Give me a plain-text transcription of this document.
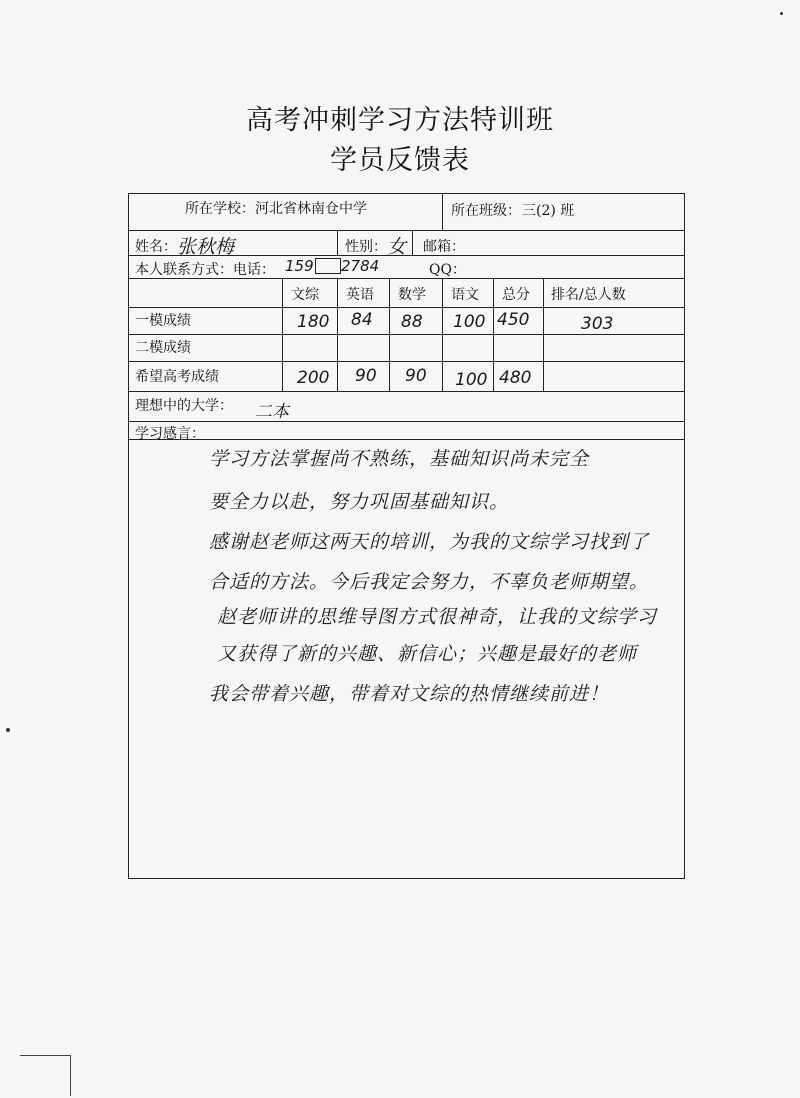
高考冲刺学习方法特训班
学员反馈表
所在学校： 河北省林南仓中学	所在班级： 三(2) 班
姓名： 张秋梅	性别： 女 邮箱：
本人联系方式：电话： 159 2784	QQ：
文综 英语 数学 语文 总分 排名/总人数
一模成绩	180 84 88 100 450	303
二模成绩
希望高考成绩	200 90 90 100 480
理想中的大学： 二本
学习感言：
学习方法掌握尚不熟练，基础知识尚未完全
要全力以赴，努力巩固基础知识。
感谢赵老师这两天的培训，为我的文综学习找到了
合适的方法。今后我定会努力，不辜负老师期望。
赵老师讲的思维导图方式很神奇，让我的文综学习
又获得了新的兴趣、新信心；兴趣是最好的老师
我会带着兴趣，带着对文综的热情继续前进！
